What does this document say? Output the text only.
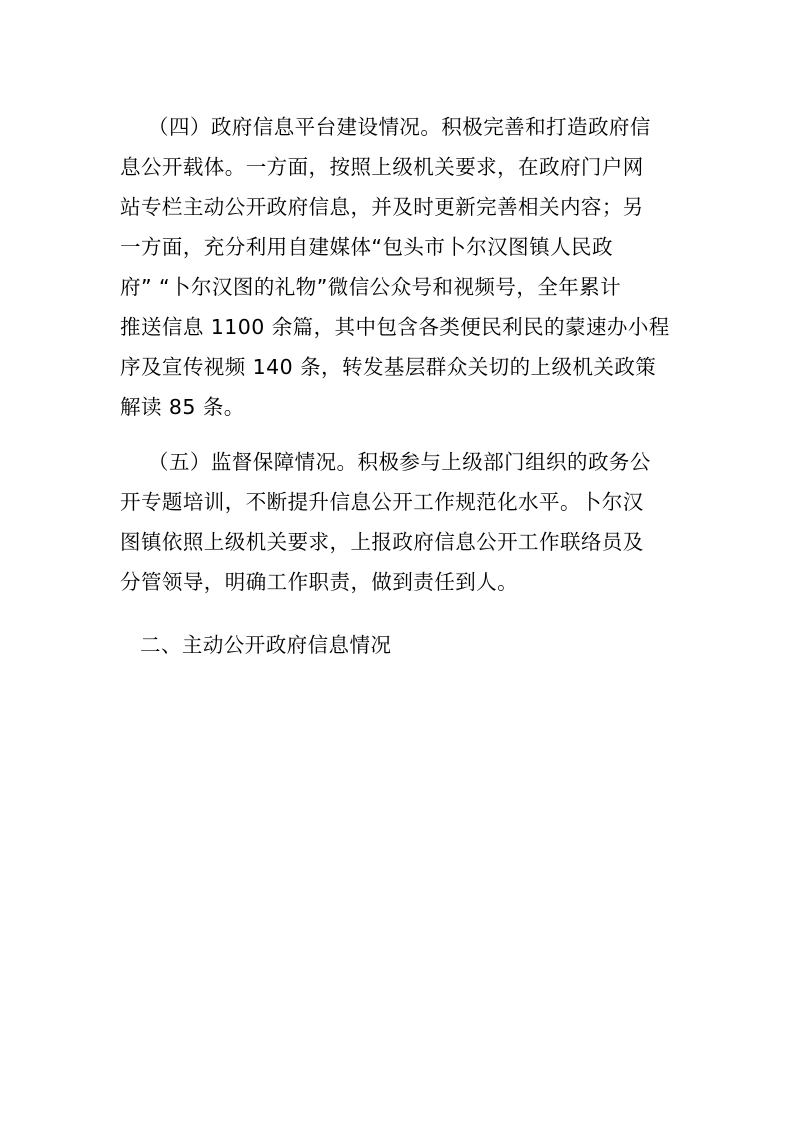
（四）政府信息平台建设情况。积极完善和打造政府信
息公开载体。一方面，按照上级机关要求，在政府门户网
站专栏主动公开政府信息，并及时更新完善相关内容；另
一方面，充分利用自建媒体“包头市卜尔汉图镇人民政
府” “卜尔汉图的礼物”微信公众号和视频号，全年累计
推送信息 1100 余篇，其中包含各类便民利民的蒙速办小程
序及宣传视频 140 条，转发基层群众关切的上级机关政策
解读 85 条。
（五）监督保障情况。积极参与上级部门组织的政务公
开专题培训，不断提升信息公开工作规范化水平。卜尔汉
图镇依照上级机关要求，上报政府信息公开工作联络员及
分管领导，明确工作职责，做到责任到人。
二、主动公开政府信息情况
